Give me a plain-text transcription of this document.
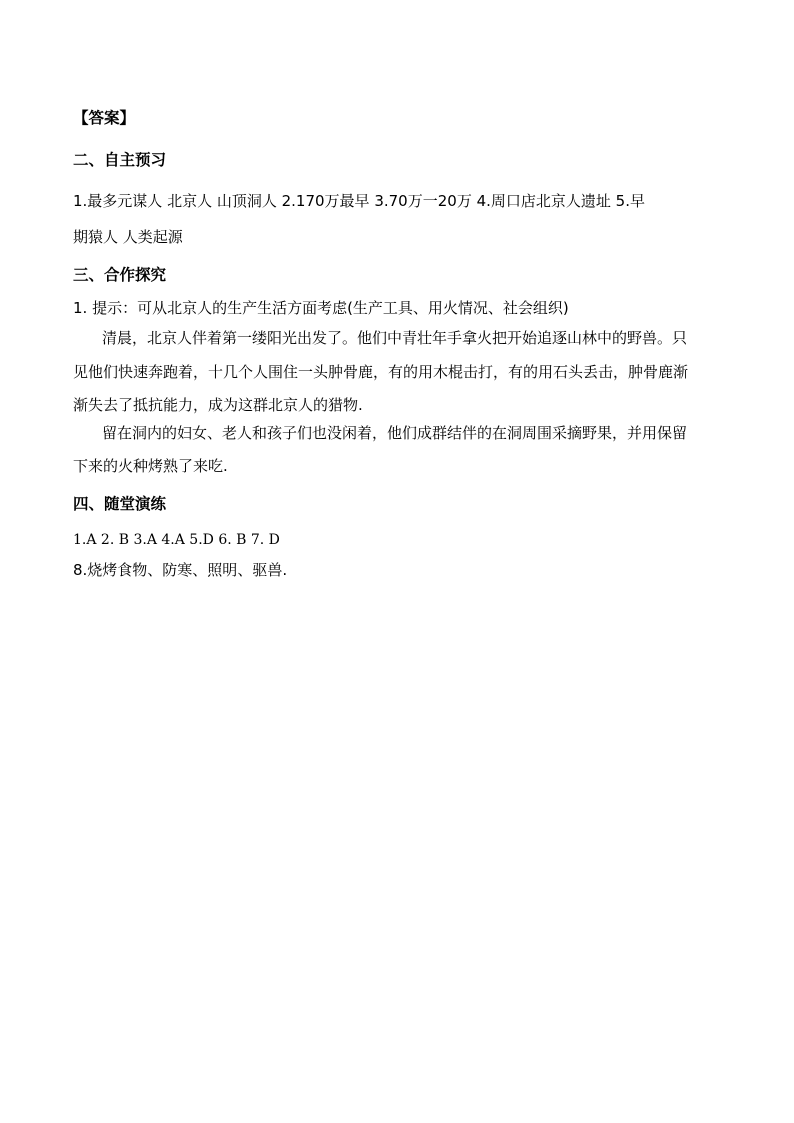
【答案】
二、自主预习
1.最多元谋人 北京人 山顶洞人 2.170万最早 3.70万一20万 4.周口店北京人遗址 5.早
期猿人 人类起源
三、合作探究
1. 提示：可从北京人的生产生活方面考虑(生产工具、用火情况、社会组织)
清晨，北京人伴着第一缕阳光出发了。他们中青壮年手拿火把开始追逐山林中的野兽。只
见他们快速奔跑着，十几个人围住一头肿骨鹿，有的用木棍击打，有的用石头丢击，肿骨鹿渐
渐失去了抵抗能力，成为这群北京人的猎物.
留在洞内的妇女、老人和孩子们也没闲着，他们成群结伴的在洞周围采摘野果，并用保留
下来的火种烤熟了来吃.
四、随堂演练
1.A 2. B 3.A 4.A 5.D 6. B 7. D
8.烧烤食物、防寒、照明、驱兽.
